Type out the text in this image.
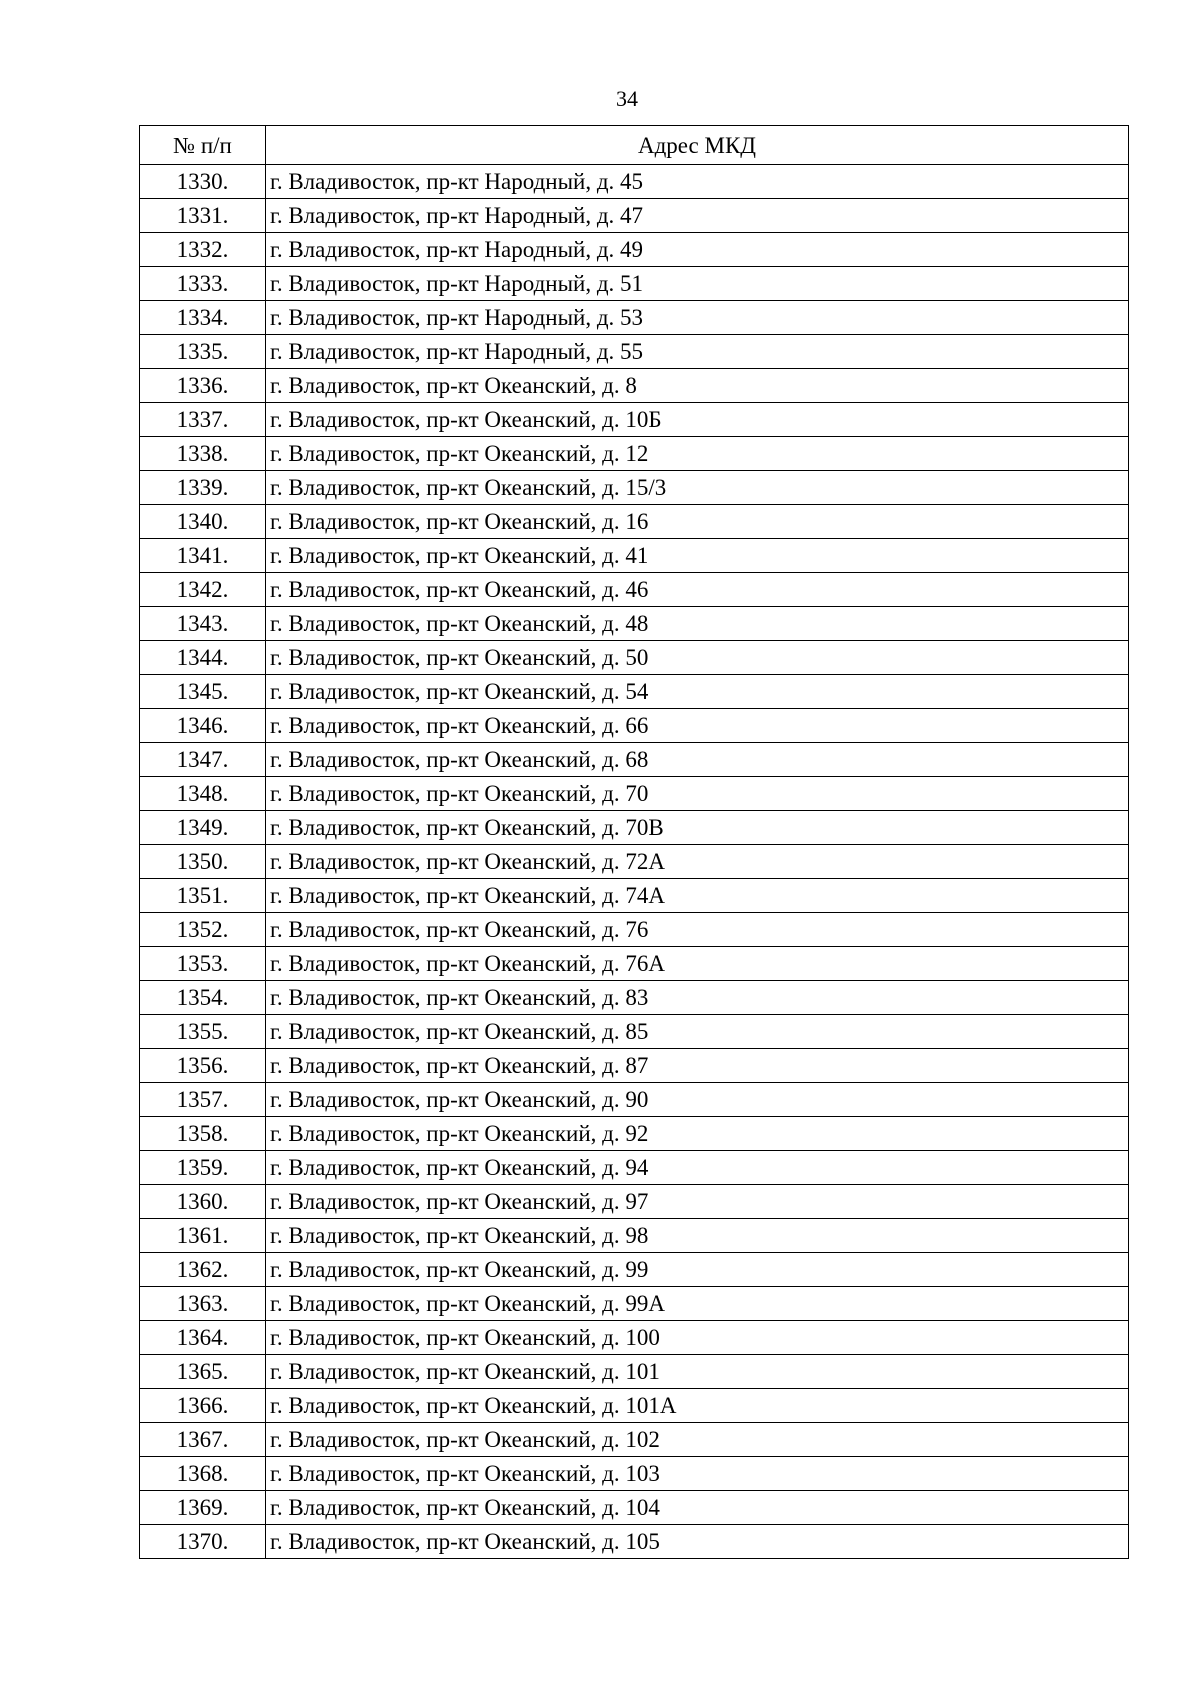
34
№ п/п	Адрес МКД
1330.	г. Владивосток, пр-кт Народный, д. 45
1331.	г. Владивосток, пр-кт Народный, д. 47
1332.	г. Владивосток, пр-кт Народный, д. 49
1333.	г. Владивосток, пр-кт Народный, д. 51
1334.	г. Владивосток, пр-кт Народный, д. 53
1335.	г. Владивосток, пр-кт Народный, д. 55
1336.	г. Владивосток, пр-кт Океанский, д. 8
1337.	г. Владивосток, пр-кт Океанский, д. 10Б
1338.	г. Владивосток, пр-кт Океанский, д. 12
1339.	г. Владивосток, пр-кт Океанский, д. 15/3
1340.	г. Владивосток, пр-кт Океанский, д. 16
1341.	г. Владивосток, пр-кт Океанский, д. 41
1342.	г. Владивосток, пр-кт Океанский, д. 46
1343.	г. Владивосток, пр-кт Океанский, д. 48
1344.	г. Владивосток, пр-кт Океанский, д. 50
1345.	г. Владивосток, пр-кт Океанский, д. 54
1346.	г. Владивосток, пр-кт Океанский, д. 66
1347.	г. Владивосток, пр-кт Океанский, д. 68
1348.	г. Владивосток, пр-кт Океанский, д. 70
1349.	г. Владивосток, пр-кт Океанский, д. 70В
1350.	г. Владивосток, пр-кт Океанский, д. 72А
1351.	г. Владивосток, пр-кт Океанский, д. 74А
1352.	г. Владивосток, пр-кт Океанский, д. 76
1353.	г. Владивосток, пр-кт Океанский, д. 76А
1354.	г. Владивосток, пр-кт Океанский, д. 83
1355.	г. Владивосток, пр-кт Океанский, д. 85
1356.	г. Владивосток, пр-кт Океанский, д. 87
1357.	г. Владивосток, пр-кт Океанский, д. 90
1358.	г. Владивосток, пр-кт Океанский, д. 92
1359.	г. Владивосток, пр-кт Океанский, д. 94
1360.	г. Владивосток, пр-кт Океанский, д. 97
1361.	г. Владивосток, пр-кт Океанский, д. 98
1362.	г. Владивосток, пр-кт Океанский, д. 99
1363.	г. Владивосток, пр-кт Океанский, д. 99А
1364.	г. Владивосток, пр-кт Океанский, д. 100
1365.	г. Владивосток, пр-кт Океанский, д. 101
1366.	г. Владивосток, пр-кт Океанский, д. 101А
1367.	г. Владивосток, пр-кт Океанский, д. 102
1368.	г. Владивосток, пр-кт Океанский, д. 103
1369.	г. Владивосток, пр-кт Океанский, д. 104
1370.	г. Владивосток, пр-кт Океанский, д. 105
